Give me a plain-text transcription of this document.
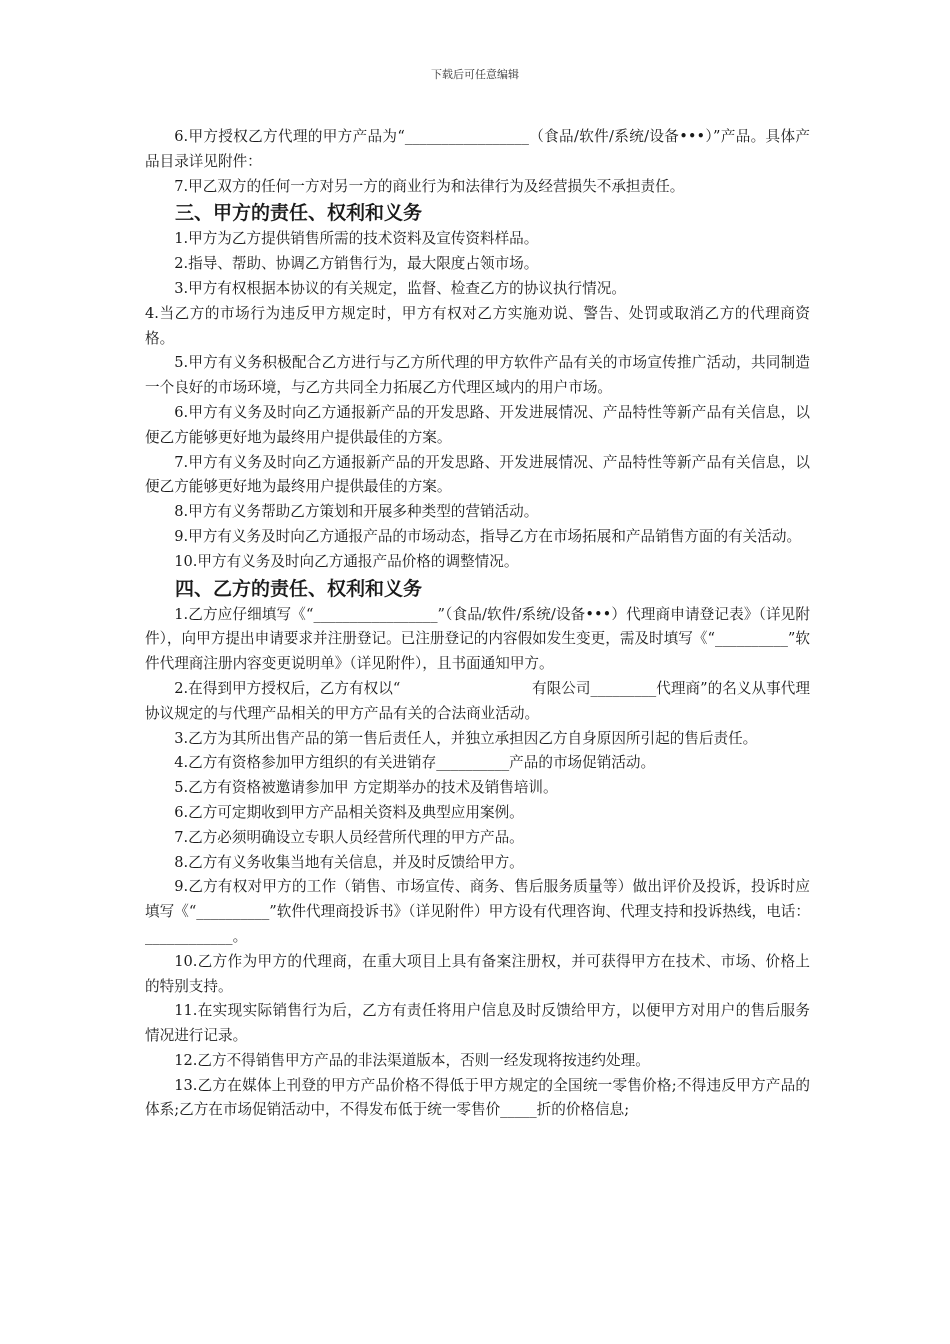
下载后可任意编辑

6.甲方授权乙方代理的甲方产品为“_________________（食品/软件/系统/设备•••）”产品。具体产品目录详见附件：

7.甲乙双方的任何一方对另一方的商业行为和法律行为及经营损失不承担责任。

三、甲方的责任、权利和义务

1.甲方为乙方提供销售所需的技术资料及宣传资料样品。

2.指导、帮助、协调乙方销售行为，最大限度占领市场。

3.甲方有权根据本协议的有关规定，监督、检查乙方的协议执行情况。

4.当乙方的市场行为违反甲方规定时，甲方有权对乙方实施劝说、警告、处罚或取消乙方的代理商资格。

5.甲方有义务积极配合乙方进行与乙方所代理的甲方软件产品有关的市场宣传推广活动，共同制造一个良好的市场环境，与乙方共同全力拓展乙方代理区域内的用户市场。

6.甲方有义务及时向乙方通报新产品的开发思路、开发进展情况、产品特性等新产品有关信息，以便乙方能够更好地为最终用户提供最佳的方案。

7.甲方有义务及时向乙方通报新产品的开发思路、开发进展情况、产品特性等新产品有关信息，以便乙方能够更好地为最终用户提供最佳的方案。

8.甲方有义务帮助乙方策划和开展多种类型的营销活动。

9.甲方有义务及时向乙方通报产品的市场动态，指导乙方在市场拓展和产品销售方面的有关活动。

10.甲方有义务及时向乙方通报产品价格的调整情况。

四、乙方的责任、权利和义务

1.乙方应仔细填写《“_________________”（食品/软件/系统/设备•••）代理商申请登记表》（详见附件），向甲方提出申请要求并注册登记。已注册登记的内容假如发生变更，需及时填写《“__________”软件代理商注册内容变更说明单》（详见附件），且书面通知甲方。

2.在得到甲方授权后，乙方有权以“　　　　　　　　　有限公司_________代理商”的名义从事代理协议规定的与代理产品相关的甲方产品有关的合法商业活动。

3.乙方为其所出售产品的第一售后责任人，并独立承担因乙方自身原因所引起的售后责任。

4.乙方有资格参加甲方组织的有关进销存__________产品的市场促销活动。

5.乙方有资格被邀请参加甲 方定期举办的技术及销售培训。

6.乙方可定期收到甲方产品相关资料及典型应用案例。

7.乙方必须明确设立专职人员经营所代理的甲方产品。

8.乙方有义务收集当地有关信息，并及时反馈给甲方。

9.乙方有权对甲方的工作（销售、市场宣传、商务、售后服务质量等）做出评价及投诉，投诉时应填写《“__________”软件代理商投诉书》（详见附件）甲方设有代理咨询、代理支持和投诉热线，电话：____________。

10.乙方作为甲方的代理商，在重大项目上具有备案注册权，并可获得甲方在技术、市场、价格上的特别支持。

11.在实现实际销售行为后，乙方有责任将用户信息及时反馈给甲方，以便甲方对用户的售后服务情况进行记录。

12.乙方不得销售甲方产品的非法渠道版本，否则一经发现将按违约处理。

13.乙方在媒体上刊登的甲方产品价格不得低于甲方规定的全国统一零售价格;不得违反甲方产品的体系;乙方在市场促销活动中，不得发布低于统一零售价_____折的价格信息;
